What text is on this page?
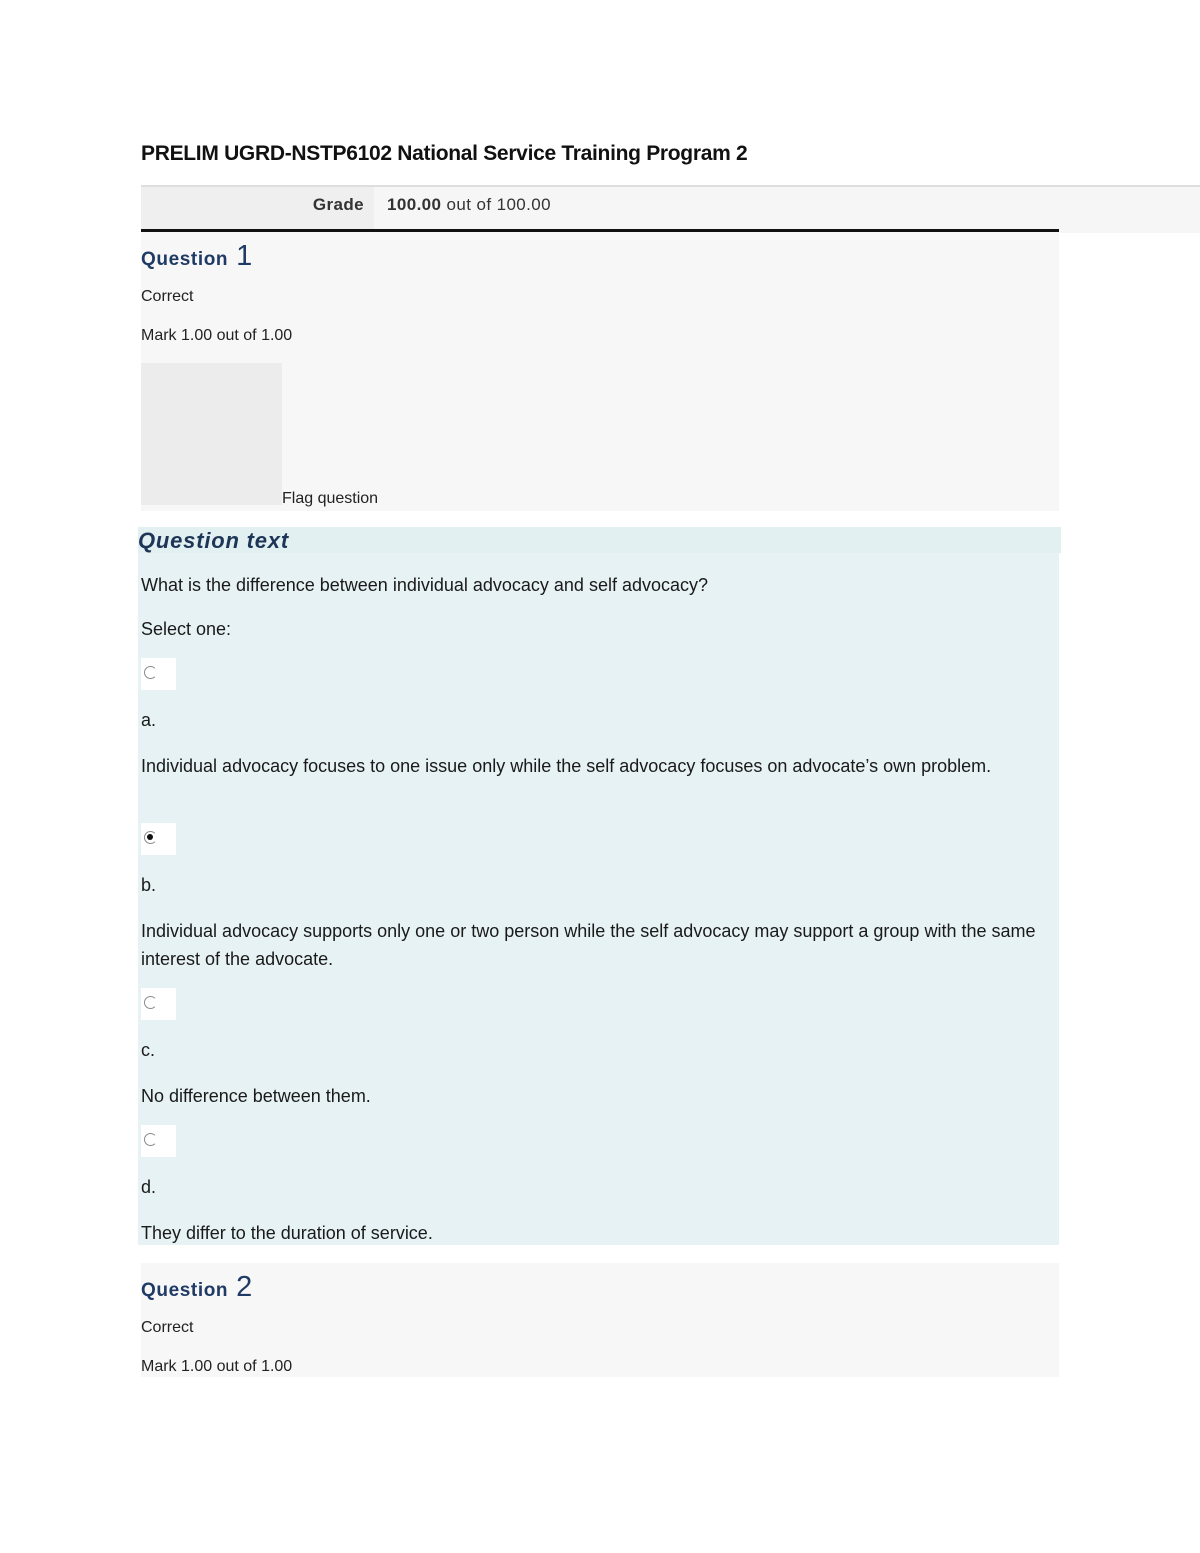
PRELIM UGRD-NSTP6102 National Service Training Program 2
Grade 100.00 out of 100.00
Question 1
Correct
Mark 1.00 out of 1.00
Flag question
Question text
What is the difference between individual advocacy and self advocacy?
Select one:
a.
Individual advocacy focuses to one issue only while the self advocacy focuses on advocate’s own problem.
b.
Individual advocacy supports only one or two person while the self advocacy may support a group with the same interest of the advocate.
c.
No difference between them.
d.
They differ to the duration of service.
Question 2
Correct
Mark 1.00 out of 1.00
